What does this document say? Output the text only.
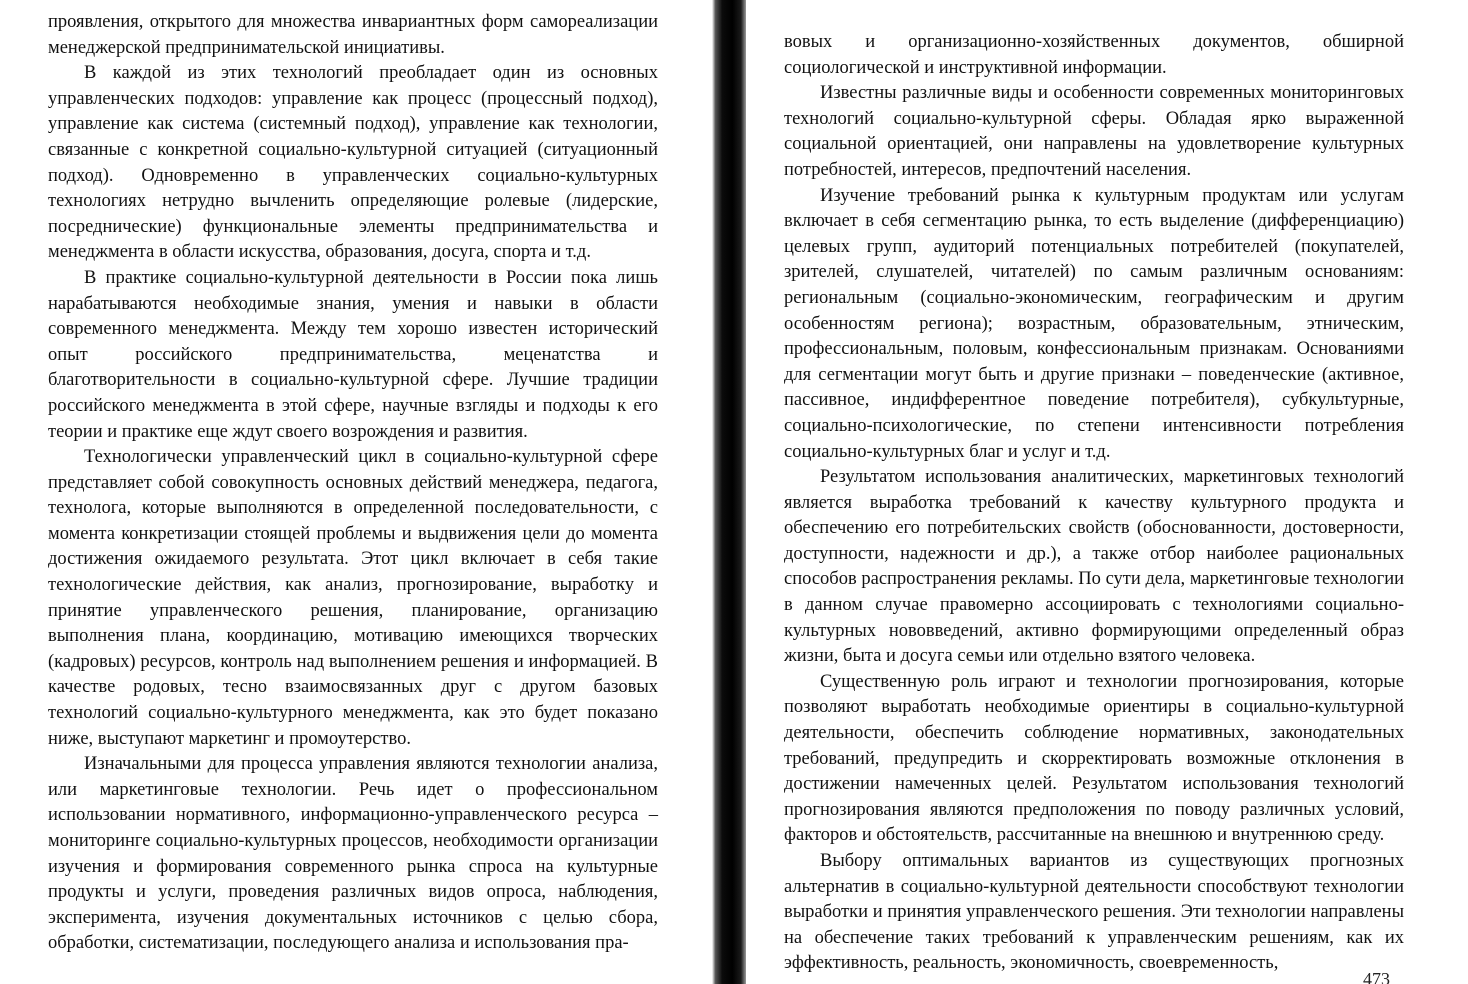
проявления, открытого для множества инвариантных форм самореализации менеджерской предпринимательской инициативы.

В каждой из этих технологий преобладает один из основных управленческих подходов: управление как процесс (процессный подход), управление как система (системный подход), управление как технологии, связанные с конкретной социально-культурной ситуацией (ситуационный подход). Одновременно в управленческих социально-культурных технологиях нетрудно вычленить определяющие ролевые (лидерские, посреднические) функциональные элементы предпринимательства и менеджмента в области искусства, образования, досуга, спорта и т.д.

В практике социально-культурной деятельности в России пока лишь нарабатываются необходимые знания, умения и навыки в области современного менеджмента. Между тем хорошо известен исторический опыт российского предпринимательства, меценатства и благотворительности в социально-культурной сфере. Лучшие традиции российского менеджмента в этой сфере, научные взгляды и подходы к его теории и практике еще ждут своего возрождения и развития.

Технологически управленческий цикл в социально-культурной сфере представляет собой совокупность основных действий менеджера, педагога, технолога, которые выполняются в определенной последовательности, с момента конкретизации стоящей проблемы и выдвижения цели до момента достижения ожидаемого результата. Этот цикл включает в себя такие технологические действия, как анализ, прогнозирование, выработку и принятие управленческого решения, планирование, организацию выполнения плана, координацию, мотивацию имеющихся творческих (кадровых) ресурсов, контроль над выполнением решения и информацией. В качестве родовых, тесно взаимосвязанных друг с другом базовых технологий социально-культурного менеджмента, как это будет показано ниже, выступают маркетинг и промоутерство.

Изначальными для процесса управления являются технологии анализа, или маркетинговые технологии. Речь идет о профессиональном использовании нормативного, информационно-управленческого ресурса – мониторинге социально-культурных процессов, необходимости организации изучения и формирования современного рынка спроса на культурные продукты и услуги, проведения различных видов опроса, наблюдения, эксперимента, изучения документальных источников с целью сбора, обработки, систематизации, последующего анализа и использования пра-

вовых и организационно-хозяйственных документов, обширной социологической и инструктивной информации.

Известны различные виды и особенности современных мониторинговых технологий социально-культурной сферы. Обладая ярко выраженной социальной ориентацией, они направлены на удовлетворение культурных потребностей, интересов, предпочтений населения.

Изучение требований рынка к культурным продуктам или услугам включает в себя сегментацию рынка, то есть выделение (дифференциацию) целевых групп, аудиторий потенциальных потребителей (покупателей, зрителей, слушателей, читателей) по самым различным основаниям: региональным (социально-экономическим, географическим и другим особенностям региона); возрастным, образовательным, этническим, профессиональным, половым, конфессиональным признакам. Основаниями для сегментации могут быть и другие признаки – поведенческие (активное, пассивное, индифферентное поведение потребителя), субкультурные, социально-психологические, по степени интенсивности потребления социально-культурных благ и услуг и т.д.

Результатом использования аналитических, маркетинговых технологий является выработка требований к качеству культурного продукта и обеспечению его потребительских свойств (обоснованности, достоверности, доступности, надежности и др.), а также отбор наиболее рациональных способов распространения рекламы. По сути дела, маркетинговые технологии в данном случае правомерно ассоциировать с технологиями социально-культурных нововведений, активно формирующими определенный образ жизни, быта и досуга семьи или отдельно взятого человека.

Существенную роль играют и технологии прогнозирования, которые позволяют выработать необходимые ориентиры в социально-культурной деятельности, обеспечить соблюдение нормативных, законодательных требований, предупредить и скорректировать возможные отклонения в достижении намеченных целей. Результатом использования технологий прогнозирования являются предположения по поводу различных условий, факторов и обстоятельств, рассчитанные на внешнюю и внутреннюю среду.

Выбору оптимальных вариантов из существующих прогнозных альтернатив в социально-культурной деятельности способствуют технологии выработки и принятия управленческого решения. Эти технологии направлены на обеспечение таких требований к управленческим решениям, как их эффективность, реальность, экономичность, своевременность,

473
